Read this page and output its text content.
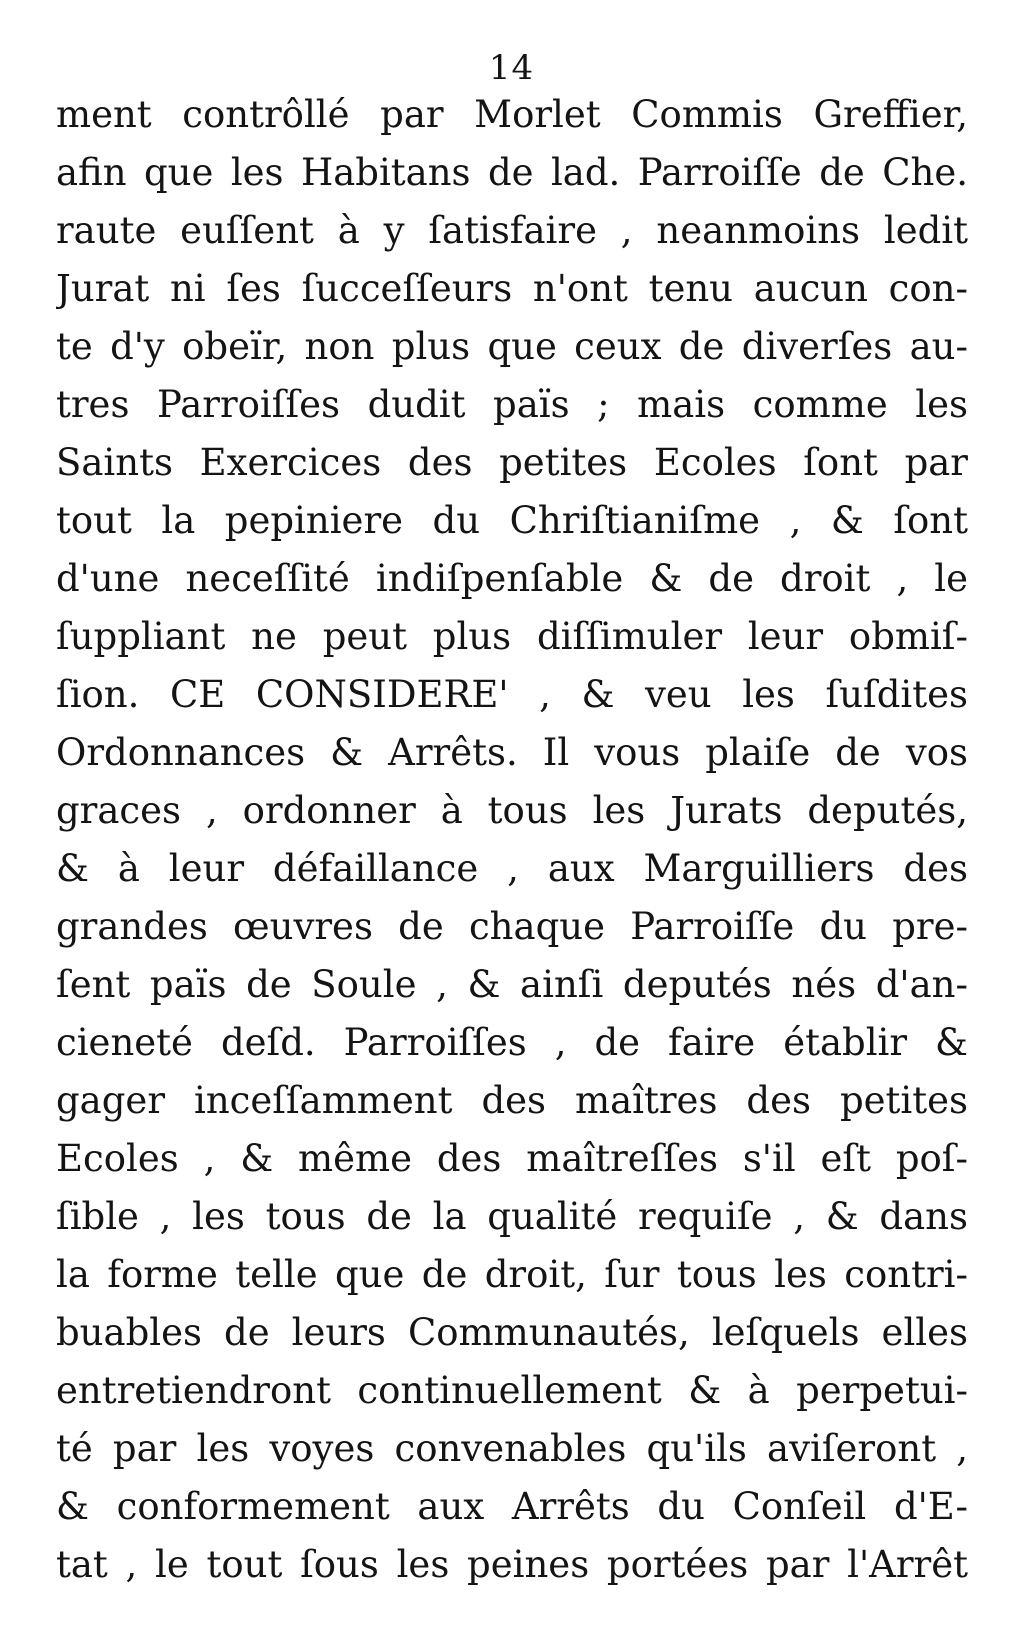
14
ment contrôllé par Morlet Commis Greffier,
afin que les Habitans de lad. Parroiſſe de Che.
raute euſſent à y ſatisfaire , neanmoins ledit
Jurat ni ſes ſucceſſeurs n'ont tenu aucun con-
te d'y obeïr, non plus que ceux de diverſes au-
tres Parroiſſes dudit païs ; mais comme les
Saints Exercices des petites Ecoles ſont par
tout la pepiniere du Chriſtianiſme , & ſont
d'une neceſſité indiſpenſable & de droit , le
ſuppliant ne peut plus diſſimuler leur obmiſ-
ſion. CE CONSIDERE' , & veu les ſuſdites
Ordonnances & Arrêts. Il vous plaiſe de vos
graces , ordonner à tous les Jurats deputés,
& à leur défaillance , aux Marguilliers des
grandes œuvres de chaque Parroiſſe du pre-
ſent païs de Soule , & ainſi deputés nés d'an-
cieneté deſd. Parroiſſes , de faire établir &
gager inceſſamment des maîtres des petites
Ecoles , & même des maîtreſſes s'il eſt poſ-
ſible , les tous de la qualité requiſe , & dans
la forme telle que de droit, ſur tous les contri-
buables de leurs Communautés, leſquels elles
entretiendront continuellement & à perpetui-
té par les voyes convenables qu'ils aviſeront ,
& conformement aux Arrêts du Conſeil d'E-
tat , le tout ſous les peines portées par l'Arrêt
